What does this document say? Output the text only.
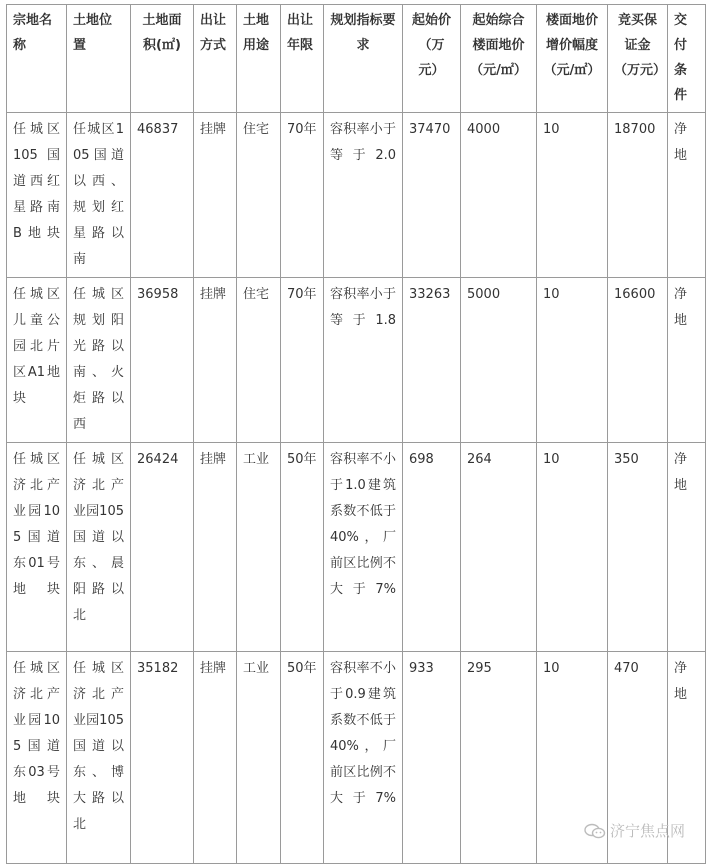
宗地名称	土地位置	土地面积(㎡)	出让方式	土地用途	出让年限	规划指标要求	起始价（万元）	起始综合楼面地价（元/㎡）	楼面地价增价幅度（元/㎡）	竞买保证金（万元）	交付条件
任城区105国道西红星路南B地块	任城区105国道以西、规划红星路以南	46837	挂牌	住宅	70年	容积率小于等于2.0	37470	4000	10	18700	净地
任城区儿童公园北片区A1地块	任城区规划阳光路以南、火炬路以西	36958	挂牌	住宅	70年	容积率小于等于1.8	33263	5000	10	16600	净地
任城区济北产业园105国道东01号地块	任城区济北产业园105国道以东、晨阳路以北	26424	挂牌	工业	50年	容积率不小于1.0建筑系数不低于40%，厂前区比例不大于7%	698	264	10	350	净地
任城区济北产业园105国道东03号地块	任城区济北产业园105国道以东、博大路以北	35182	挂牌	工业	50年	容积率不小于0.9建筑系数不低于40%，厂前区比例不大于7%	933	295	10	470	净地
济宁焦点网
